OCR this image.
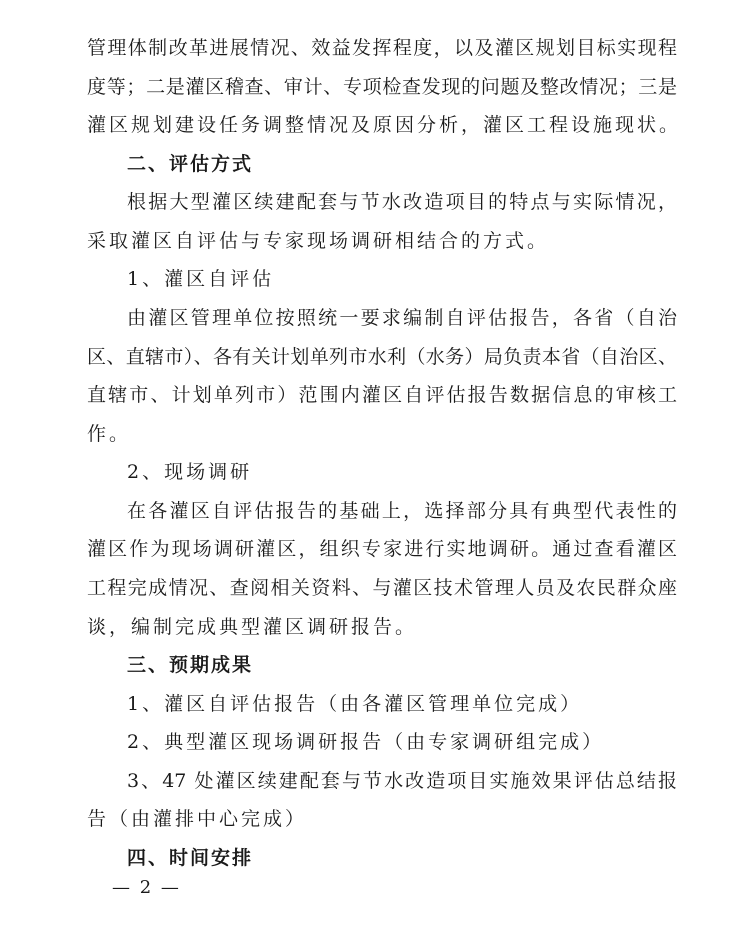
管理体制改革进展情况、效益发挥程度，以及灌区规划目标实现程
度等；二是灌区稽查、审计、专项检查发现的问题及整改情况；三是
灌区规划建设任务调整情况及原因分析，灌区工程设施现状。
二、评估方式
根据大型灌区续建配套与节水改造项目的特点与实际情况，
采取灌区自评估与专家现场调研相结合的方式。
1、灌区自评估
由灌区管理单位按照统一要求编制自评估报告，各省（自治
区、直辖市）、各有关计划单列市水利（水务）局负责本省（自治区、
直辖市、计划单列市）范围内灌区自评估报告数据信息的审核工
作。
2、现场调研
在各灌区自评估报告的基础上，选择部分具有典型代表性的
灌区作为现场调研灌区，组织专家进行实地调研。通过查看灌区
工程完成情况、查阅相关资料、与灌区技术管理人员及农民群众座
谈，编制完成典型灌区调研报告。
三、预期成果
1、灌区自评估报告（由各灌区管理单位完成）
2、典型灌区现场调研报告（由专家调研组完成）
3、47 处灌区续建配套与节水改造项目实施效果评估总结报
告（由灌排中心完成）
四、时间安排
— 2 —
